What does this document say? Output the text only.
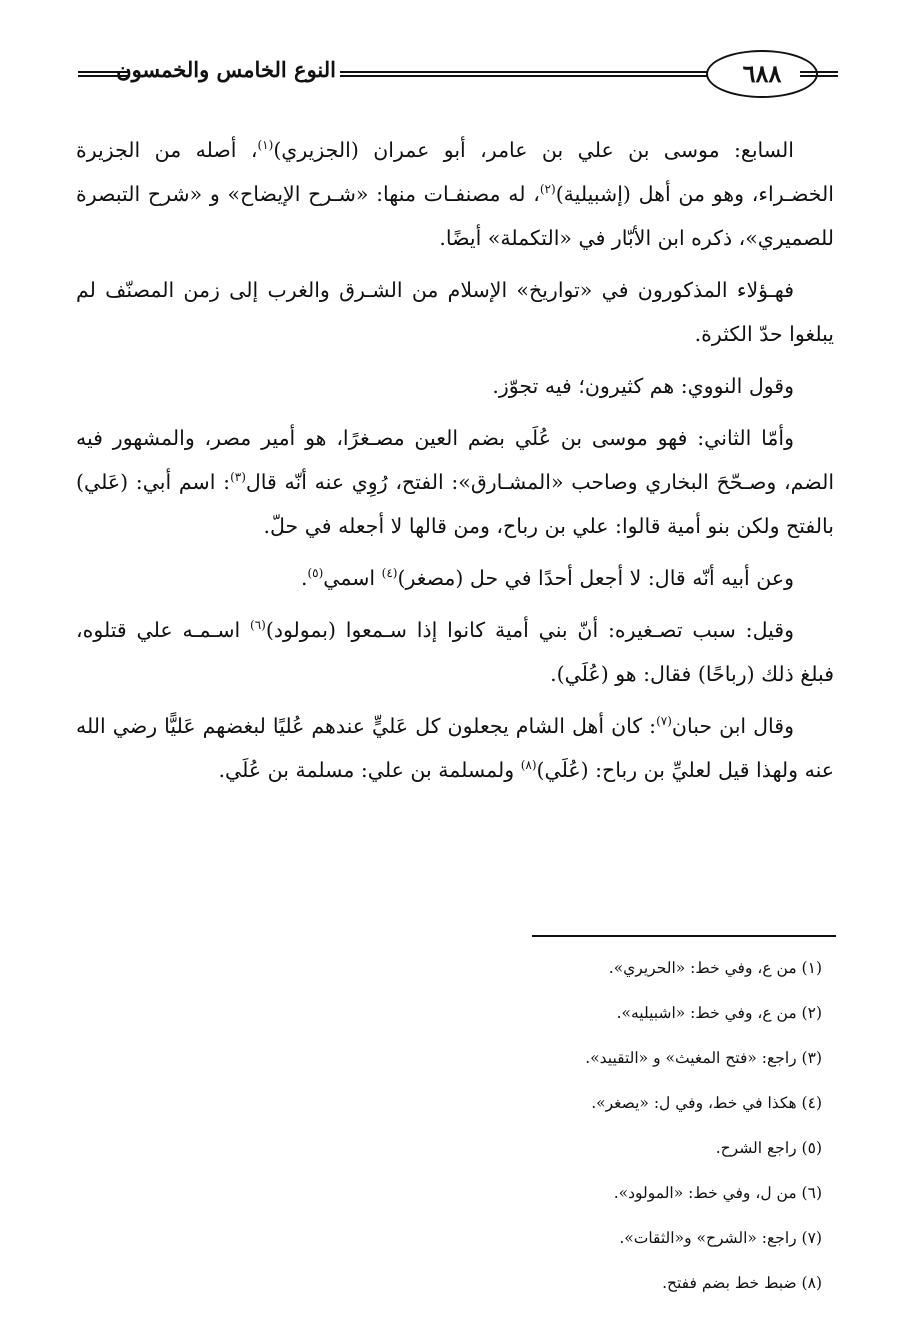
النوع الخامس والخمسون	٦٨٨

السابع: موسى بن علي بن عامر، أبو عمران (الجزيري)$^{(١)}$، أصله من الجزيرة الخضـراء، وهو من أهل (إشبيلية)$^{(٢)}$، له مصنفـات منها: «شـرح الإيضاح» و «شرح التبصرة للصميري»، ذكره ابن الأبّار في «التكملة» أيضًا.

فهـؤلاء المذكورون في «تواريخ» الإسلام من الشـرق والغرب إلى زمن المصنّف لم يبلغوا حدّ الكثرة.

وقول النووي: هم كثيرون؛ فيه تجوّز.

وأمّا الثاني: فهو موسى بن عُلَي بضم العين مصـغرًا، هو أمير مصر، والمشهور فيه الضم، وصـحّحَ البخاري وصاحب «المشـارق»: الفتح، رُوِي عنه أنّه قال$^{(٣)}$: اسم أبي: (عَلي) بالفتح ولكن بنو أمية قالوا: علي بن رباح، ومن قالها لا أجعله في حلّ.

وعن أبيه أنّه قال: لا أجعل أحدًا في حل (مصغر)$^{(٤)}$ اسمي$^{(٥)}$.

وقيل: سبب تصـغيره: أنّ بني أمية كانوا إذا سـمعوا (بمولود)$^{(٦)}$ اسـمـه علي قتلوه، فبلغ ذلك (رباحًا) فقال: هو (عُلَي).

وقال ابن حبان$^{(٧)}$: كان أهل الشام يجعلون كل عَليٍّ عندهم عُليًا لبغضهم عَليًّا رضي الله عنه ولهذا قيل لعليِّ بن رباح: (عُلَي)$^{(٨)}$ ولمسلمة بن علي: مسلمة بن عُلَي.

(١) من ع، وفي خط: «الحريري».
(٢) من ع، وفي خط: «اشبيليه».
(٣) راجع: «فتح المغيث» و «التقييد».
(٤) هكذا في خط، وفي ل: «يصغر».
(٥) راجع الشرح.
(٦) من ل، وفي خط: «المولود».
(٧) راجع: «الشرح» و«الثقات».
(٨) ضبط خط بضم ففتح.
